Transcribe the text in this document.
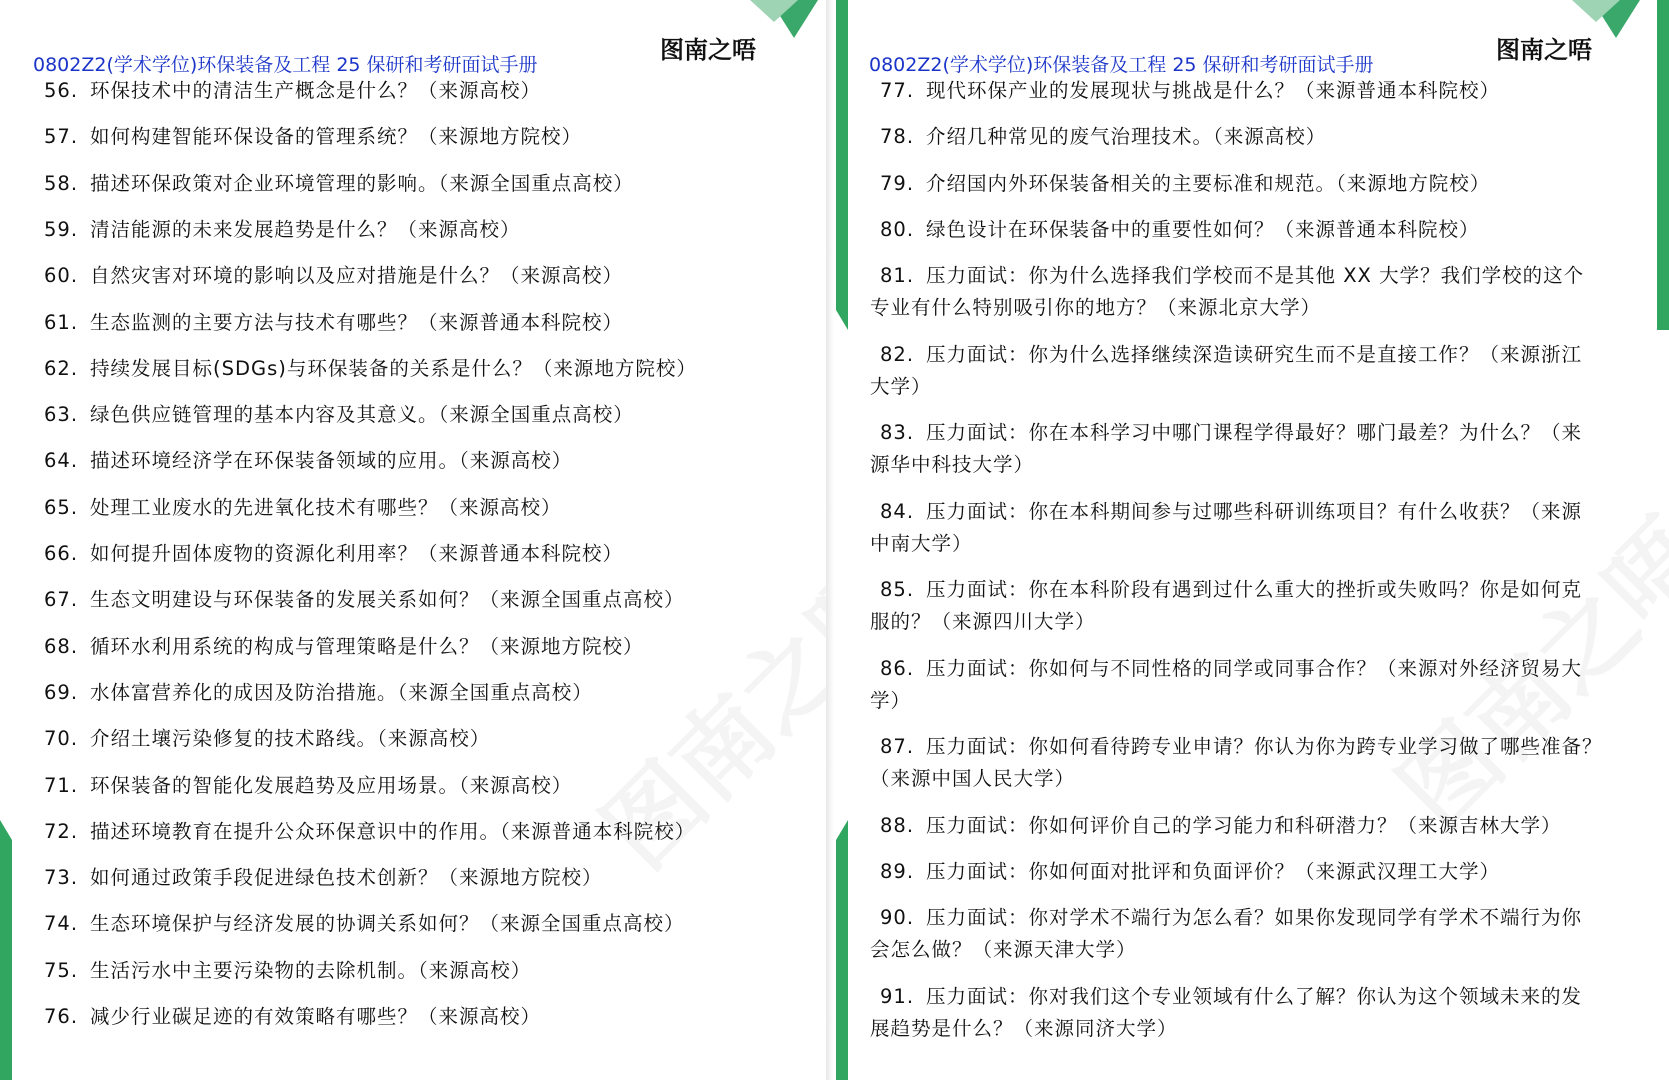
0802Z2(学术学位)环保装备及工程 25 保研和考研面试手册
图南之唔
56. 环保技术中的清洁生产概念是什么？（来源高校）
57. 如何构建智能环保设备的管理系统？（来源地方院校）
58. 描述环保政策对企业环境管理的影响。（来源全国重点高校）
59. 清洁能源的未来发展趋势是什么？（来源高校）
60. 自然灾害对环境的影响以及应对措施是什么？（来源高校）
61. 生态监测的主要方法与技术有哪些？（来源普通本科院校）
62. 持续发展目标(SDGs)与环保装备的关系是什么？（来源地方院校）
63. 绿色供应链管理的基本内容及其意义。（来源全国重点高校）
64. 描述环境经济学在环保装备领域的应用。（来源高校）
65. 处理工业废水的先进氧化技术有哪些？（来源高校）
66. 如何提升固体废物的资源化利用率？（来源普通本科院校）
67. 生态文明建设与环保装备的发展关系如何？（来源全国重点高校）
68. 循环水利用系统的构成与管理策略是什么？（来源地方院校）
69. 水体富营养化的成因及防治措施。（来源全国重点高校）
70. 介绍土壤污染修复的技术路线。（来源高校）
71. 环保装备的智能化发展趋势及应用场景。（来源高校）
72. 描述环境教育在提升公众环保意识中的作用。（来源普通本科院校）
73. 如何通过政策手段促进绿色技术创新？（来源地方院校）
74. 生态环境保护与经济发展的协调关系如何？（来源全国重点高校）
75. 生活污水中主要污染物的去除机制。（来源高校）
76. 减少行业碳足迹的有效策略有哪些？（来源高校）
0802Z2(学术学位)环保装备及工程 25 保研和考研面试手册
图南之唔
77. 现代环保产业的发展现状与挑战是什么？（来源普通本科院校）
78. 介绍几种常见的废气治理技术。（来源高校）
79. 介绍国内外环保装备相关的主要标准和规范。（来源地方院校）
80. 绿色设计在环保装备中的重要性如何？（来源普通本科院校）
81. 压力面试：你为什么选择我们学校而不是其他 XX 大学？我们学校的这个
专业有什么特别吸引你的地方？（来源北京大学）
82. 压力面试：你为什么选择继续深造读研究生而不是直接工作？（来源浙江
大学）
83. 压力面试：你在本科学习中哪门课程学得最好？哪门最差？为什么？（来
源华中科技大学）
84. 压力面试：你在本科期间参与过哪些科研训练项目？有什么收获？（来源
中南大学）
85. 压力面试：你在本科阶段有遇到过什么重大的挫折或失败吗？你是如何克
服的？（来源四川大学）
86. 压力面试：你如何与不同性格的同学或同事合作？（来源对外经济贸易大
学）
87. 压力面试：你如何看待跨专业申请？你认为你为跨专业学习做了哪些准备？
（来源中国人民大学）
88. 压力面试：你如何评价自己的学习能力和科研潜力？（来源吉林大学）
89. 压力面试：你如何面对批评和负面评价？（来源武汉理工大学）
90. 压力面试：你对学术不端行为怎么看？如果你发现同学有学术不端行为你
会怎么做？（来源天津大学）
91. 压力面试：你对我们这个专业领域有什么了解？你认为这个领域未来的发
展趋势是什么？（来源同济大学）
